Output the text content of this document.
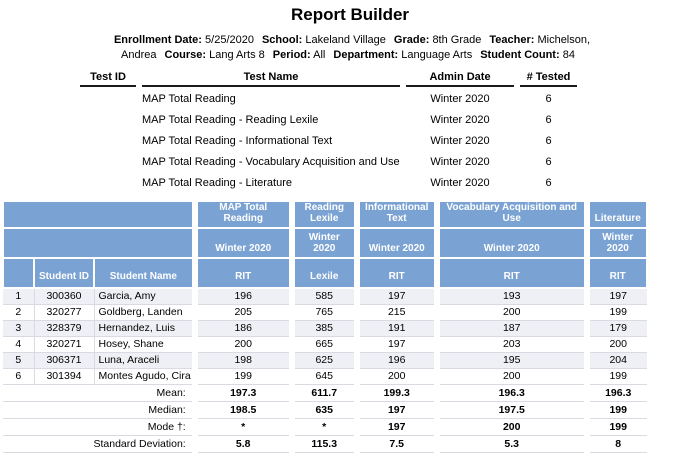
Report Builder

Enrollment Date: 5/25/2020 School: Lakeland Village Grade: 8th Grade Teacher: Michelson, Andrea Course: Lang Arts 8 Period: All Department: Language Arts Student Count: 84

Test ID		Test Name		Admin Date		# Tested
		MAP Total Reading		Winter 2020		6
		MAP Total Reading - Reading Lexile		Winter 2020		6
		MAP Total Reading - Informational Text		Winter 2020		6
		MAP Total Reading - Vocabulary Acquisition and Use		Winter 2020		6
		MAP Total Reading - Literature		Winter 2020		6
			MAP Total Reading	Reading Lexile	Informational Text	Vocabulary Acquisition and Use	Literature
			Winter 2020	Winter 2020	Winter 2020	Winter 2020	Winter 2020
	Student ID	Student Name	RIT	Lexile	RIT	RIT	RIT
1	300360	Garcia, Amy	196	585	197	193	197
2	320277	Goldberg, Landen	205	765	215	200	199
3	328379	Hernandez, Luis	186	385	191	187	179
4	320271	Hosey, Shane	200	665	197	203	200
5	306371	Luna, Araceli	198	625	196	195	204
6	301394	Montes Agudo, Cira	199	645	200	200	199
Mean:			197.3	611.7	199.3	196.3	196.3
Median:			198.5	635	197	197.5	199
Mode †:			*	*	197	200	199
Standard Deviation:			5.8	115.3	7.5	5.3	8
